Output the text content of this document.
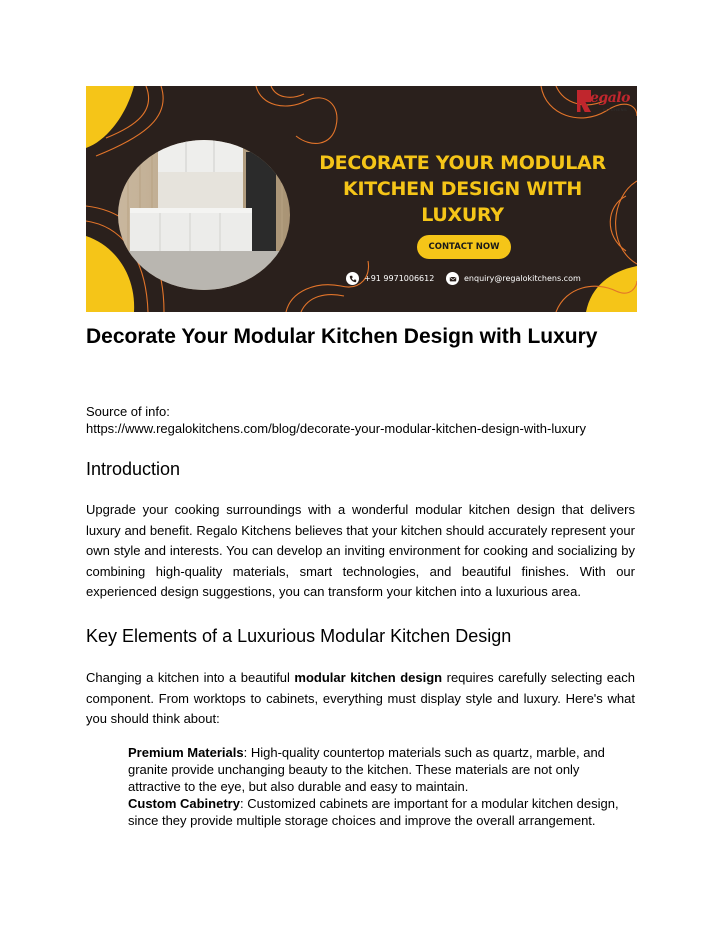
egalo
KITCHENS
DECORATE YOUR MODULAR
KITCHEN DESIGN WITH
LUXURY
CONTACT NOW
+91 9971006612	enquiry@regalokitchens.com
Decorate Your Modular Kitchen Design with Luxury
Source of info:
https://www.regalokitchens.com/blog/decorate-your-modular-kitchen-design-with-luxury
Introduction

Upgrade your cooking surroundings with a wonderful modular kitchen design that delivers luxury and benefit. Regalo Kitchens believes that your kitchen should accurately represent your own style and interests. You can develop an inviting environment for cooking and socializing by combining high-quality materials, smart technologies, and beautiful finishes. With our experienced design suggestions, you can transform your kitchen into a luxurious area.

Key Elements of a Luxurious Modular Kitchen Design

Changing a kitchen into a beautiful modular kitchen design requires carefully selecting each component. From worktops to cabinets, everything must display style and luxury. Here's what you should think about:

Premium Materials: High-quality countertop materials such as quartz, marble, and granite provide unchanging beauty to the kitchen. These materials are not only attractive to the eye, but also durable and easy to maintain.

Custom Cabinetry: Customized cabinets are important for a modular kitchen design, since they provide multiple storage choices and improve the overall arrangement.
